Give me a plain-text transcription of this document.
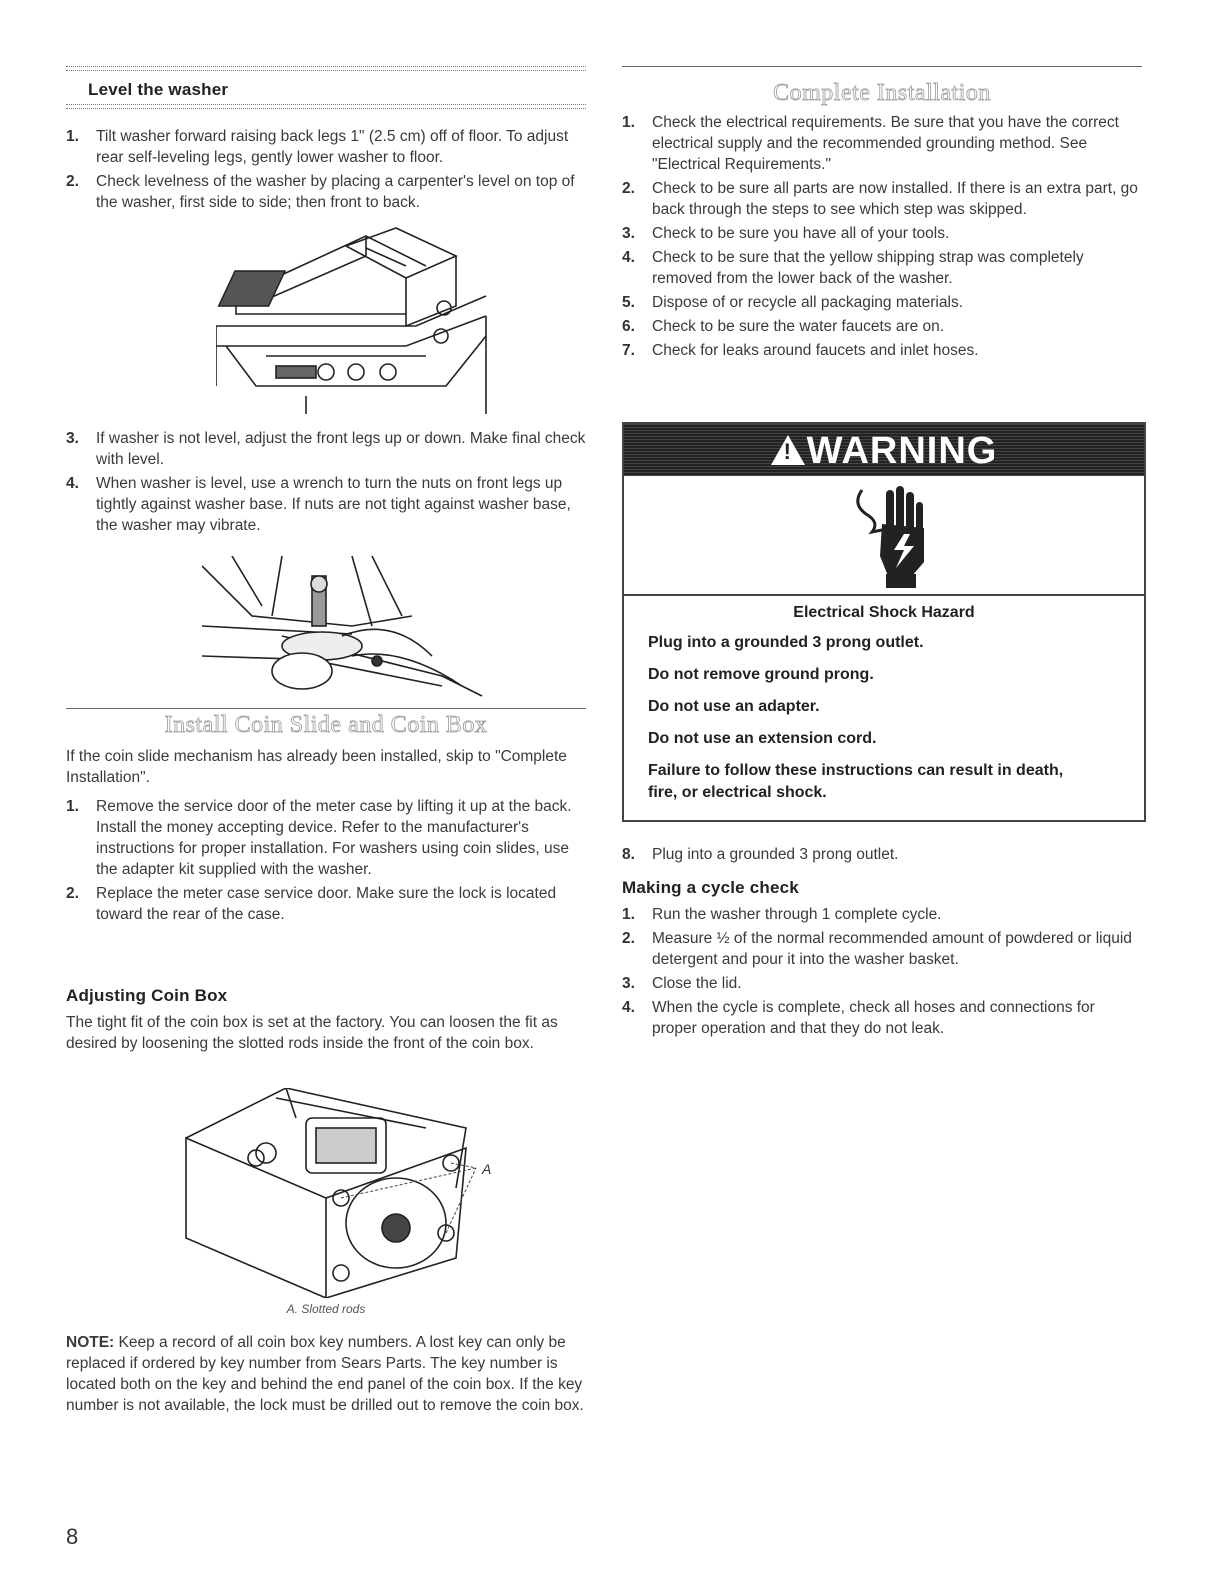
Level the washer
1. Tilt washer forward raising back legs 1" (2.5 cm) off of floor. To adjust rear self-leveling legs, gently lower washer to floor.
2. Check levelness of the washer by placing a carpenter's level on top of the washer, first side to side; then front to back.
3. If washer is not level, adjust the front legs up or down. Make final check with level.
4. When washer is level, use a wrench to turn the nuts on front legs up tightly against washer base. If nuts are not tight against washer base, the washer may vibrate.
Install Coin Slide and Coin Box

If the coin slide mechanism has already been installed, skip to "Complete Installation".

1. Remove the service door of the meter case by lifting it up at the back. Install the money accepting device. Refer to the manufacturer's instructions for proper installation. For washers using coin slides, use the adapter kit supplied with the washer.
2. Replace the meter case service door. Make sure the lock is located toward the rear of the case.
Adjusting Coin Box

The tight fit of the coin box is set at the factory. You can loosen the fit as desired by loosening the slotted rods inside the front of the coin box.

A
A. Slotted rods

NOTE: Keep a record of all coin box key numbers. A lost key can only be replaced if ordered by key number from Sears Parts. The key number is located both on the key and behind the end panel of the coin box. If the key number is not available, the lock must be drilled out to remove the coin box.

Complete Installation
1. Check the electrical requirements. Be sure that you have the correct electrical supply and the recommended grounding method. See "Electrical Requirements."
2. Check to be sure all parts are now installed. If there is an extra part, go back through the steps to see which step was skipped.
3. Check to be sure you have all of your tools.
4. Check to be sure that the yellow shipping strap was completely removed from the lower back of the washer.
5. Dispose of or recycle all packaging materials.
6. Check to be sure the water faucets are on.
7. Check for leaks around faucets and inlet hoses.
8. Plug into a grounded 3 prong outlet.
Making a cycle check
1. Run the washer through 1 complete cycle.
2. Measure ½ of the normal recommended amount of powdered or liquid detergent and pour it into the washer basket.
3. Close the lid.
4. When the cycle is complete, check all hoses and connections for proper operation and that they do not leak.
!WARNING
Electrical Shock Hazard
Plug into a grounded 3 prong outlet.
Do not remove ground prong.
Do not use an adapter.
Do not use an extension cord.
Failure to follow these instructions can result in death,
fire, or electrical shock.
8
